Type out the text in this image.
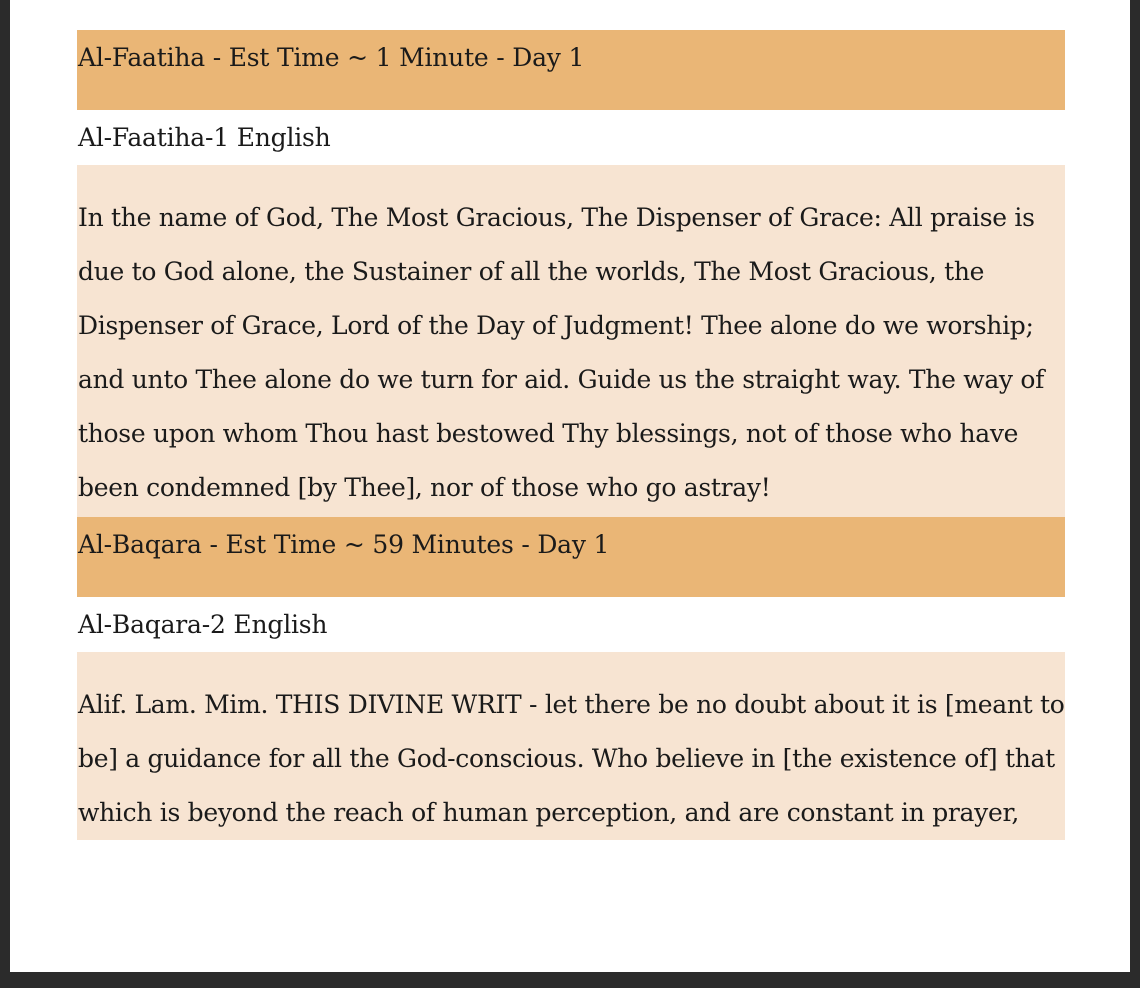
Al-Faatiha - Est Time ~ 1 Minute - Day 1
Al-Faatiha-1 English
In the name of God, The Most Gracious, The Dispenser of Grace: All praise is due to God alone, the Sustainer of all the worlds, The Most Gracious, the Dispenser of Grace, Lord of the Day of Judgment! Thee alone do we worship; and unto Thee alone do we turn for aid. Guide us the straight way. The way of those upon whom Thou hast bestowed Thy blessings, not of those who have been condemned [by Thee], nor of those who go astray!
Al-Baqara - Est Time ~ 59 Minutes - Day 1
Al-Baqara-2 English
Alif. Lam. Mim. THIS DIVINE WRIT - let there be no doubt about it is [meant to be] a guidance for all the God-conscious. Who believe in [the existence of] that which is beyond the reach of human perception, and are constant in prayer,
